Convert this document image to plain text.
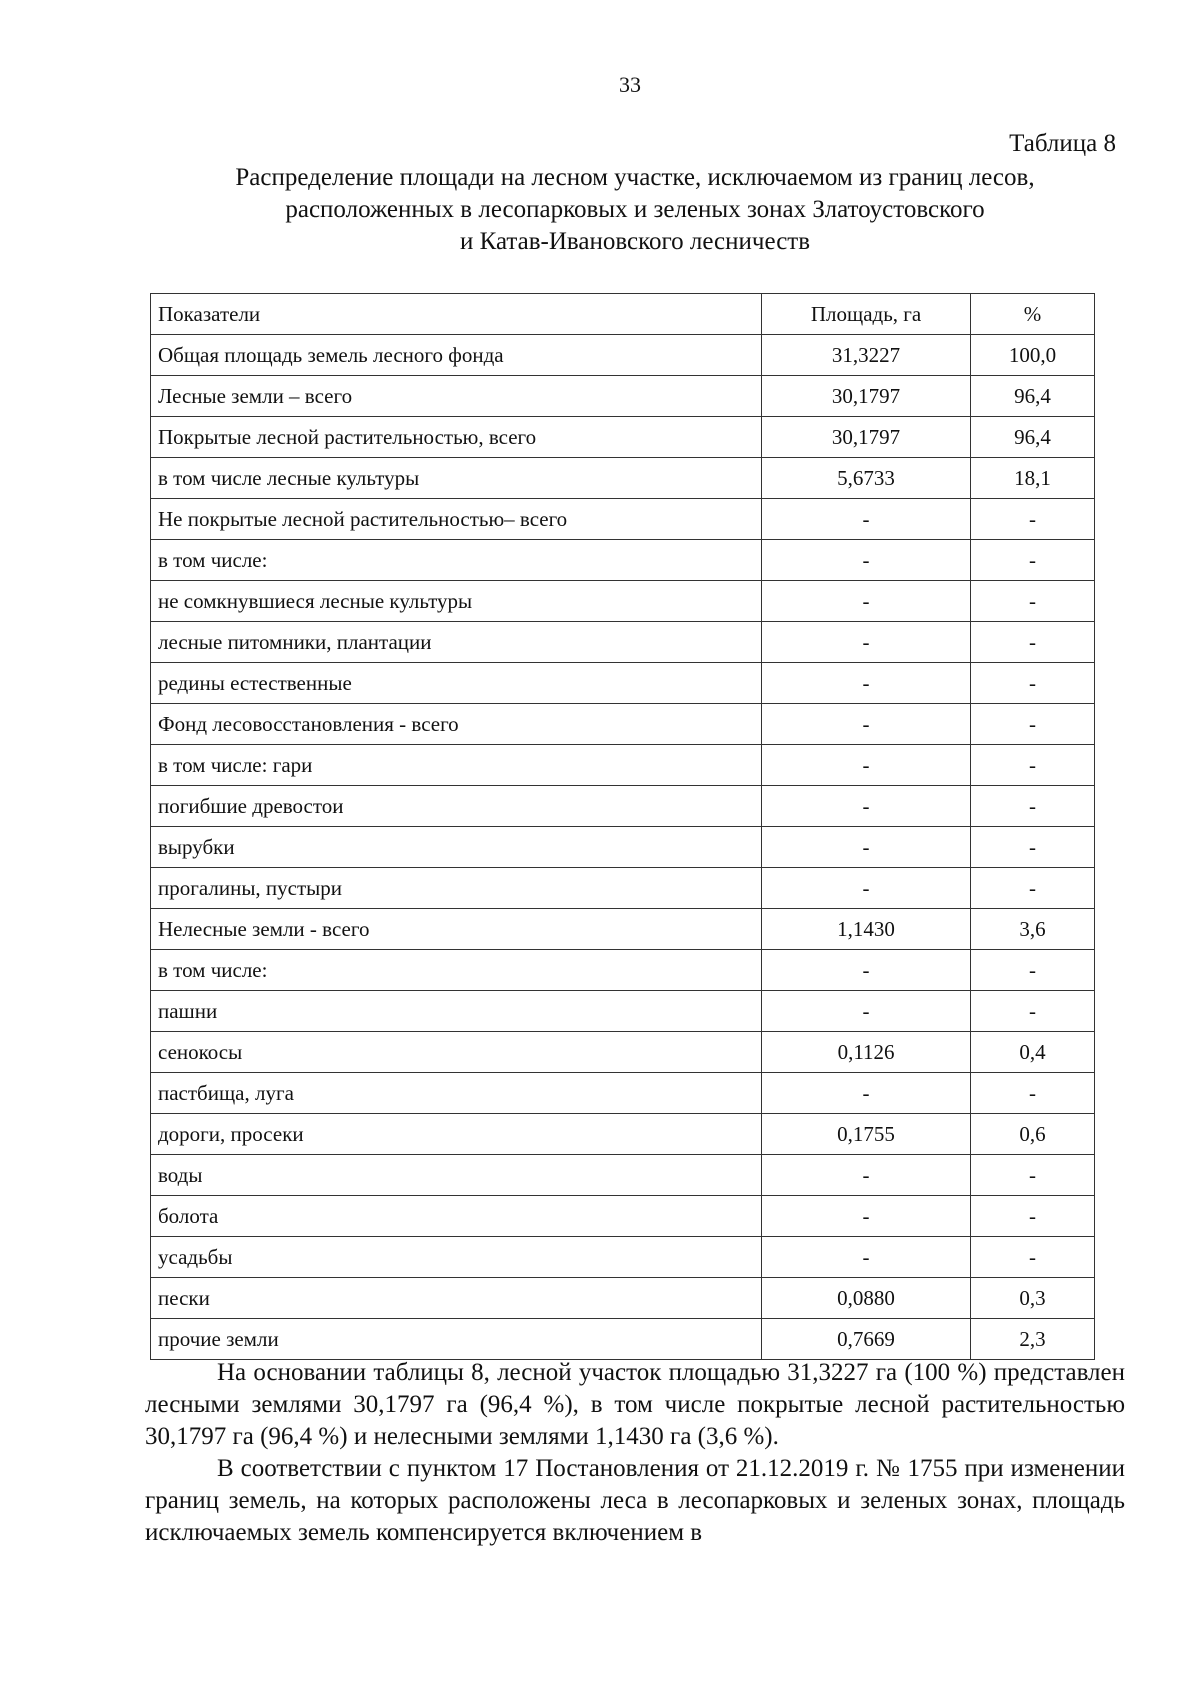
33
Таблица 8
Распределение площади на лесном участке, исключаемом из границ лесов,
расположенных в лесопарковых и зеленых зонах Златоустовского
и Катав-Ивановского лесничеств
Показатели	Площадь, га	%
Общая площадь земель лесного фонда	31,3227	100,0
Лесные земли – всего	30,1797	96,4
Покрытые лесной растительностью, всего	30,1797	96,4
в том числе лесные культуры	5,6733	18,1
Не покрытые лесной растительностью– всего	-	-
в том числе:	-	-
не сомкнувшиеся лесные культуры	-	-
лесные питомники, плантации	-	-
редины естественные	-	-
Фонд лесовосстановления - всего	-	-
в том числе: гари	-	-
погибшие древостои	-	-
вырубки	-	-
прогалины, пустыри	-	-
Нелесные земли - всего	1,1430	3,6
в том числе:	-	-
пашни	-	-
сенокосы	0,1126	0,4
пастбища, луга	-	-
дороги, просеки	0,1755	0,6
воды	-	-
болота	-	-
усадьбы	-	-
пески	0,0880	0,3
прочие земли	0,7669	2,3

На основании таблицы 8, лесной участок площадью 31,3227 га (100 %) представлен лесными землями 30,1797 га (96,4 %), в том числе покрытые лесной растительностью 30,1797 га (96,4 %) и нелесными землями 1,1430 га (3,6 %).

В соответствии с пунктом 17 Постановления от 21.12.2019 г. № 1755 при изменении границ земель, на которых расположены леса в лесопарковых и зеленых зонах, площадь исключаемых земель компенсируется включением в
